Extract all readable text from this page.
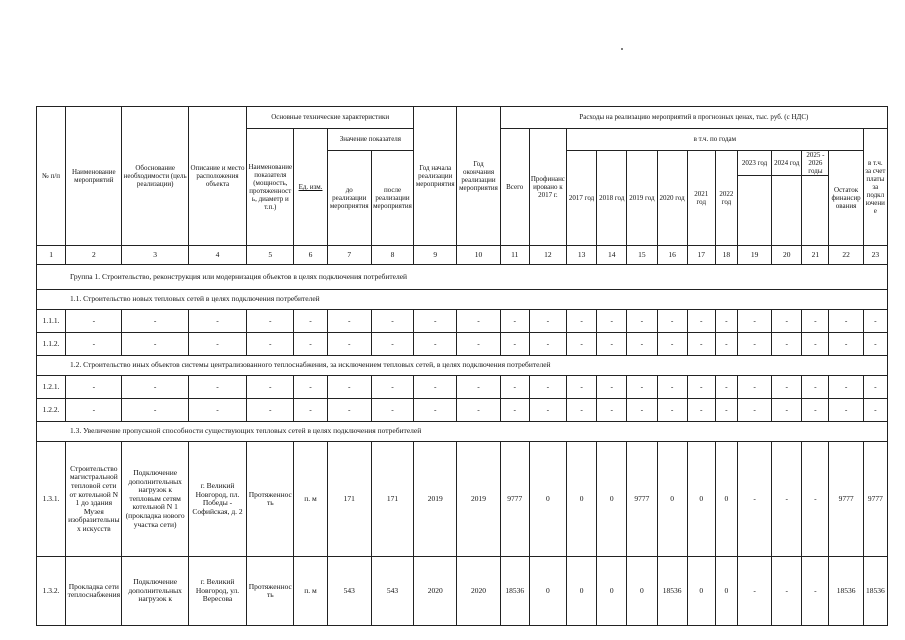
№ п/п	Наименование мероприятий	Обоснование необходимости (цель реализации)	Описание и место расположения объекта	Основные технические характеристики				Год начала реализации мероприятия	Год окончания реализации мероприятия	Расходы на реализацию мероприятий в прогнозных ценах, тыс. руб. (с НДС)												
				Наименование показателя (мощность, протяженность, диаметр и т.п.)	Ед. изм.	Значение показателя				Всего	Профинансировано к 2017 г.	в т.ч. по годам										в т.ч. за счет платы за подключение
						до реализации мероприятия	после реализации мероприятия					2017 год	2018 год	2019 год	2020 год	2021 год	2022 год	2023 год	2024 год	2025 - 2026 годы	Остаток финансирования	

1	2	3	4	5	6	7	8	9	10	11	12	13	14	15	16	17	18	19	20	21	22	23
Группа 1. Строительство, реконструкция или модернизация объектов в целях подключения потребителей																						
1.1. Строительство новых тепловых сетей в целях подключения потребителей																						
1.1.1.	-	-	-	-	-	-	-	-	-	-	-	-	-	-	-	-	-	-	-	-	-	-
1.1.2.	-	-	-	-	-	-	-	-	-	-	-	-	-	-	-	-	-	-	-	-	-	-
1.2. Строительство иных объектов системы централизованного теплоснабжения, за исключением тепловых сетей, в целях подключения потребителей																						
1.2.1.	-	-	-	-	-	-	-	-	-	-	-	-	-	-	-	-	-	-	-	-	-	-
1.2.2.	-	-	-	-	-	-	-	-	-	-	-	-	-	-	-	-	-	-	-	-	-	-
1.3. Увеличение пропускной способности существующих тепловых сетей в целях подключения потребителей																						
1.3.1.	Строительство магистральной тепловой сети от котельной N 1 до здания Музея изобразительных искусств	Подключение дополнительных нагрузок к тепловым сетям котельной N 1 (прокладка нового участка сети)	г. Великий Новгород, пл. Победы - Софийская, д. 2	Протяженность	п. м	171	171	2019	2019	9777	0	0	0	9777	0	0	0	-	-	-	9777	9777
1.3.2.	Прокладка сети теплоснабжения	Подключение дополнительных нагрузок к	г. Великий Новгород, ул. Вересова	Протяженность	п. м	543	543	2020	2020	18536	0	0	0	0	18536	0	0	-	-	-	18536	18536
